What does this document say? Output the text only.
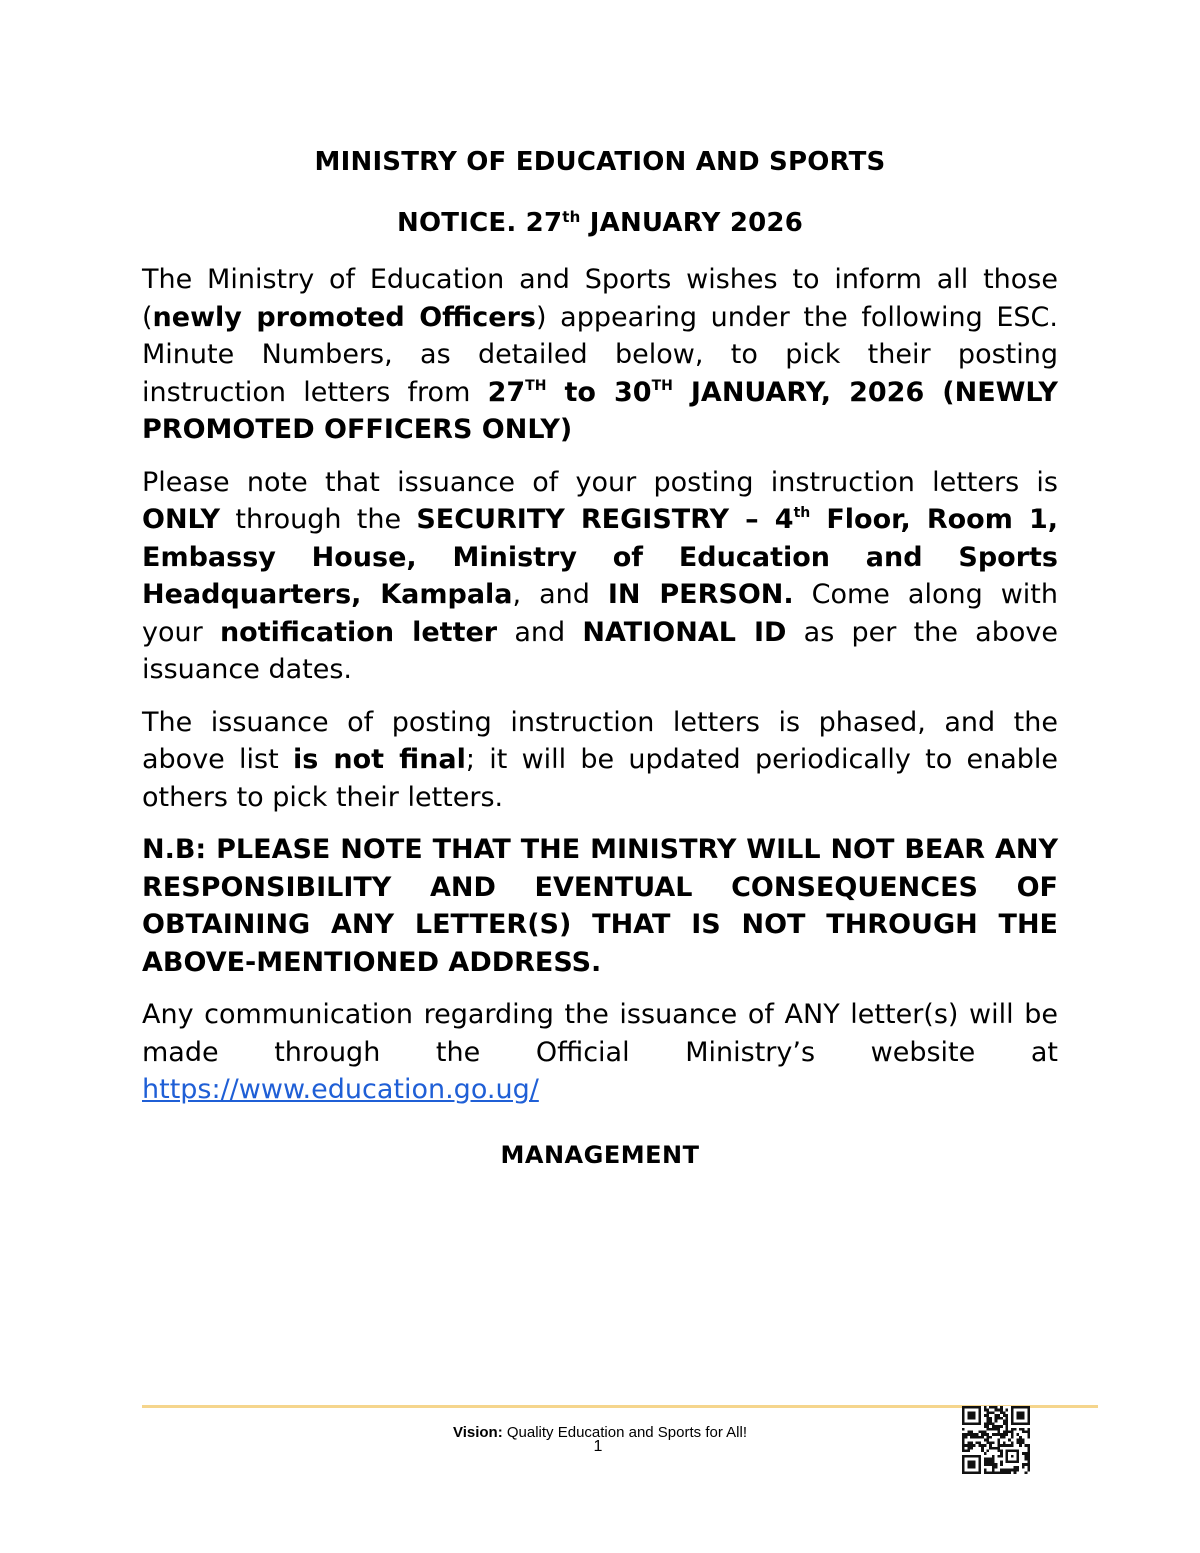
MINISTRY OF EDUCATION AND SPORTS
NOTICE. 27th JANUARY 2026

The Ministry of Education and Sports wishes to inform all those (newly promoted Officers) appearing under the following ESC. Minute Numbers, as detailed below, to pick their posting instruction letters from 27TH to 30TH JANUARY, 2026 (NEWLY PROMOTED OFFICERS ONLY)

Please note that issuance of your posting instruction letters is ONLY through the SECURITY REGISTRY – 4th Floor, Room 1, Embassy House, Ministry of Education and Sports Headquarters, Kampala, and IN PERSON. Come along with your notification letter and NATIONAL ID as per the above issuance dates.

The issuance of posting instruction letters is phased, and the above list is not final; it will be updated periodically to enable others to pick their letters.

N.B: PLEASE NOTE THAT THE MINISTRY WILL NOT BEAR ANY RESPONSIBILITY AND EVENTUAL CONSEQUENCES OF OBTAINING ANY LETTER(S) THAT IS NOT THROUGH THE ABOVE-MENTIONED ADDRESS.

Any communication regarding the issuance of ANY letter(s) will be made through the Official Ministry’s website at https://www.education.go.ug/

MANAGEMENT
Vision: Quality Education and Sports for All!
1
